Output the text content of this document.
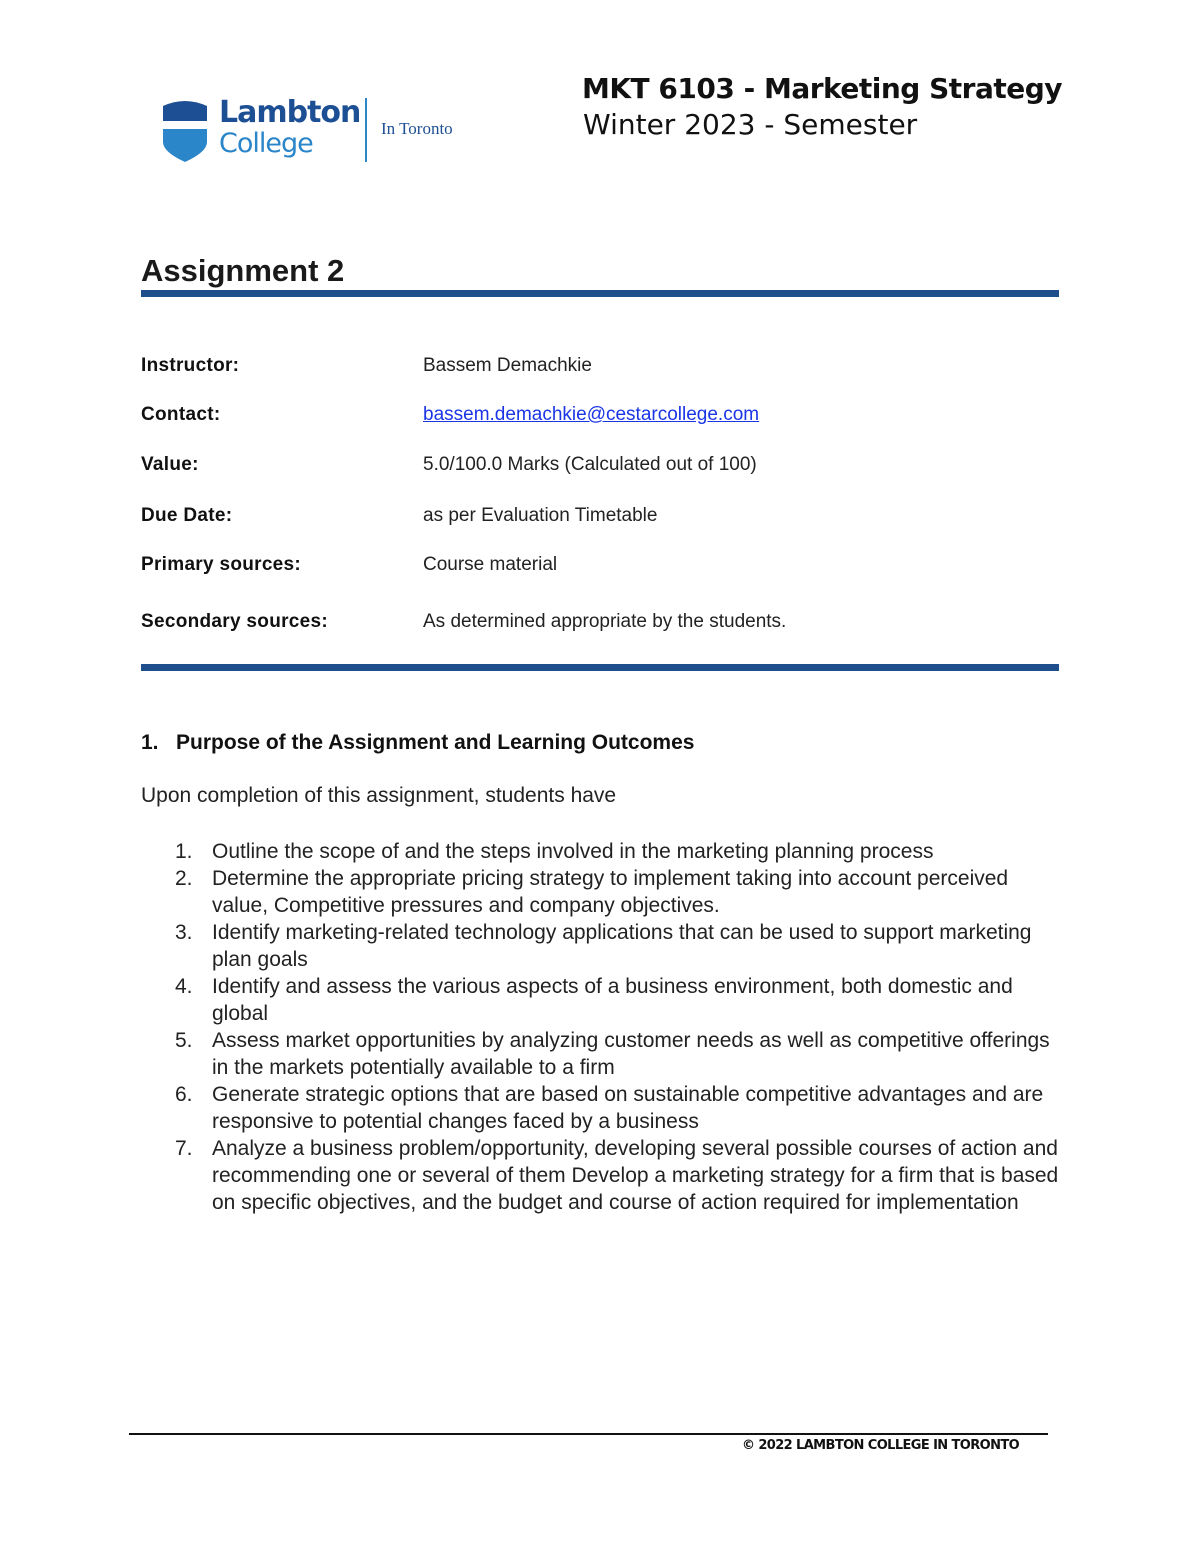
Lambton
College	In Toronto
MKT 6103 - Marketing Strategy
Winter 2023 - Semester
Assignment 2
Instructor:	Bassem Demachkie
Contact:	bassem.demachkie@cestarcollege.com
Value:	5.0/100.0 Marks (Calculated out of 100)
Due Date:	as per Evaluation Timetable
Primary sources:	Course material
Secondary sources:	As determined appropriate by the students.
1. Purpose of the Assignment and Learning Outcomes
Upon completion of this assignment, students have
1. Outline the scope of and the steps involved in the marketing planning process
2. Determine the appropriate pricing strategy to implement taking into account perceived value, Competitive pressures and company objectives.
3. Identify marketing-related technology applications that can be used to support marketing plan goals
4. Identify and assess the various aspects of a business environment, both domestic and global
5. Assess market opportunities by analyzing customer needs as well as competitive offerings in the markets potentially available to a firm
6. Generate strategic options that are based on sustainable competitive advantages and are responsive to potential changes faced by a business
7. Analyze a business problem/opportunity, developing several possible courses of action and recommending one or several of them Develop a marketing strategy for a firm that is based on specific objectives, and the budget and course of action required for implementation
© 2022 LAMBTON COLLEGE IN TORONTO
